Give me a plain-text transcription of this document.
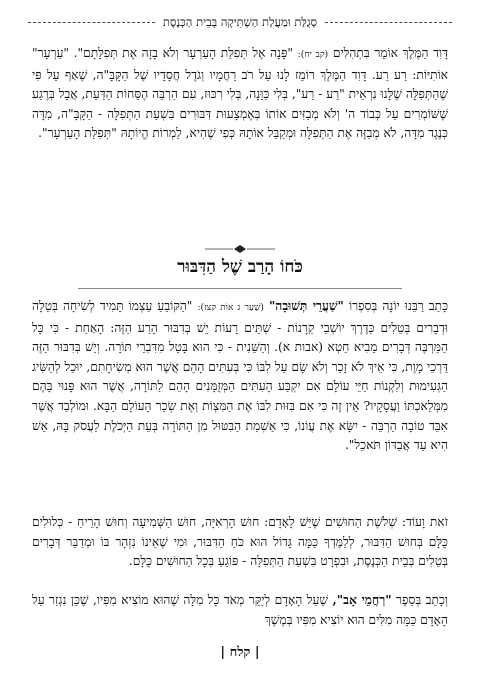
סְגֻלַּת וּמַעֲלַת הַשְׁתִּיקָה בְּבֵית הַכְּנֶסֶת

דָּוִד הַמֶּלֶךְ אוֹמֵר בִּתְהִלִּים (קב יח): "פָּנָה אֶל תְּפִלַּת הָעַרְעָר וְלֹא בָזָה אֶת תְּפִלָּתָם". "עַרְעָר" אוֹתִיּוֹת: רַע רַע. דָּוִד הַמֶּלֶךְ רוֹמֵז לָנוּ עַל רֹב רַחֲמָיו וְגֹדֶל חֲסָדָיו שֶׁל הַקָּבָּ"ה, שֶׁאַף עַל פִּי שֶׁהַתְּפִלָּה שֶׁלָּנוּ נִרְאֵית "רַע - רַע", בְּלִי כַּוָּנָה, בְּלִי רִכּוּז, עִם הַרְבֵּה הֶסֵּחוֹת הַדַּעַת, אֲבָל בְּרֶגַע שֶׁשּׁוֹמְרִים עַל כְּבוֹד ה' וְלֹא מְבַזִּים אוֹתוֹ בְּאֶמְצָעוּת דִּבּוּרִים בִּשְׁעַת הַתְּפִלָּה - הַקָּבָּ"ה, מִדָּה כְּנֶגֶד מִדָּה, לֹא מְבַזֶּה אֶת הַתְּפִלָּה וּמְקַבֵּל אוֹתָהּ כְּפִי שֶׁהִיא, לַמְרוֹת הֱיוֹתָהּ "תְּפִלַּת הָעַרְעָר".

כֹּחוֹ הָרַב שֶׁל הַדִּבּוּר

כָּתַב רַבֵּנוּ יוֹנָה בְּסִפְרוֹ "שַׁעֲרֵי תְּשׁוּבָה" (שַׁעַר ג אוֹת קצז): "הַקּוֹבֵעַ עַצְמוֹ תָּמִיד לְשִׂיחָה בְּטֵלָה וּדְבָרִים בְּטֵלִים כְּדֶרֶךְ יוֹשְׁבֵי קְרָנוֹת - שְׁתֵּים רָעוֹת יֵשׁ בְּדִבּוּר הָרַע הַזֶּה: הָאַחַת - כִּי כָּל הַמַּרְבֶּה דְּבָרִים מֵבִיא חֵטְא (אבות א). וְהַשֵּׁנִית - כִּי הוּא בָּטֵל מִדִּבְרֵי תּוֹרָה. וְיֵשׁ בְּדִבּוּר הַזֶּה דַּרְכֵי מָוֶת, כִּי אֵיךְ לֹא זָכַר וְלֹא שָׂם עַל לִבּוֹ כִּי בְּעִתִּים הָהֵם אֲשֶׁר הוּא מְשִׂיחָתִם, יוּכַל לְהַשִּׂיג הַגְּעִימוּת וְלִקְנוֹת חַיֵּי עוֹלָם אִם יִקְבַּע הָעִתִּים הַמְּזֻמָּנִים הָהֵם לַתּוֹרָה, אֲשֶׁר הוּא פָּנוּי בָּהֶם מִמְּלַאכְתּוֹ וַעֲסָקָיו? אֵין זֶה כִּי אִם בִּזּוּת לִבּוֹ אֶת הַמִּצְוֹת וְאֶת שְׂכַר הָעוֹלָם הַבָּא. וּמוֹלְבַד אֲשֶׁר אִבֵּד טוֹבָה הַרְבֵּה - יִשָּׂא אֶת עֲוֹנוֹ, כִּי אַשְׁמַת הַבִּטּוּל מִן הַתּוֹרָה בְּעֵת הַיְּכֹלֶת לַעֲסֹק בָּהּ, אֵשׁ הִיא עַד אֲבַדּוֹן תֹּאכֵל".

זֹאת וָעוֹד: שְׁלֹשֶׁת הַחוּשִׁים שֶׁיֵּשׁ לָאָדָם: חוּשׁ הָרְאִיָּה, חוּשׁ הַשְּׁמִיעָה וְחוּשׁ הָרֵיחַ - כְּלוּלִים כֻּלָּם בְּחוּשׁ הַדִּבּוּר, לְלַמֶּדְךָ כַּמָּה גָּדוֹל הוּא כֹּחַ הַדִּבּוּר, וּמִי שֶׁאֵינוֹ נִזְהָר בּוֹ וּמְדַבֵּר דְּבָרִים בְּטֵלִים בְּבֵית הַכְּנֶסֶת, וּבִפְרָט בִּשְׁעַת הַתְּפִלָּה - פּוֹגֵעַ בְּכָל הַחוּשִׁים כֻּלָּם.

וְכָתַב בְּסֵפֶר "רַחֲמֵי אָב", שֶׁעַל הָאָדָם לְיַקֵּר מְאֹד כָּל מִלָּה שֶׁהוּא מוֹצִיא מִפִּיו, שֶׁכֵּן נִגְזַר עַל הָאָדָם כַּמָּה מִלִּים הוּא יוֹצִיא מִפִּיו בְּמֶשֶׁךְ

| קלח |
